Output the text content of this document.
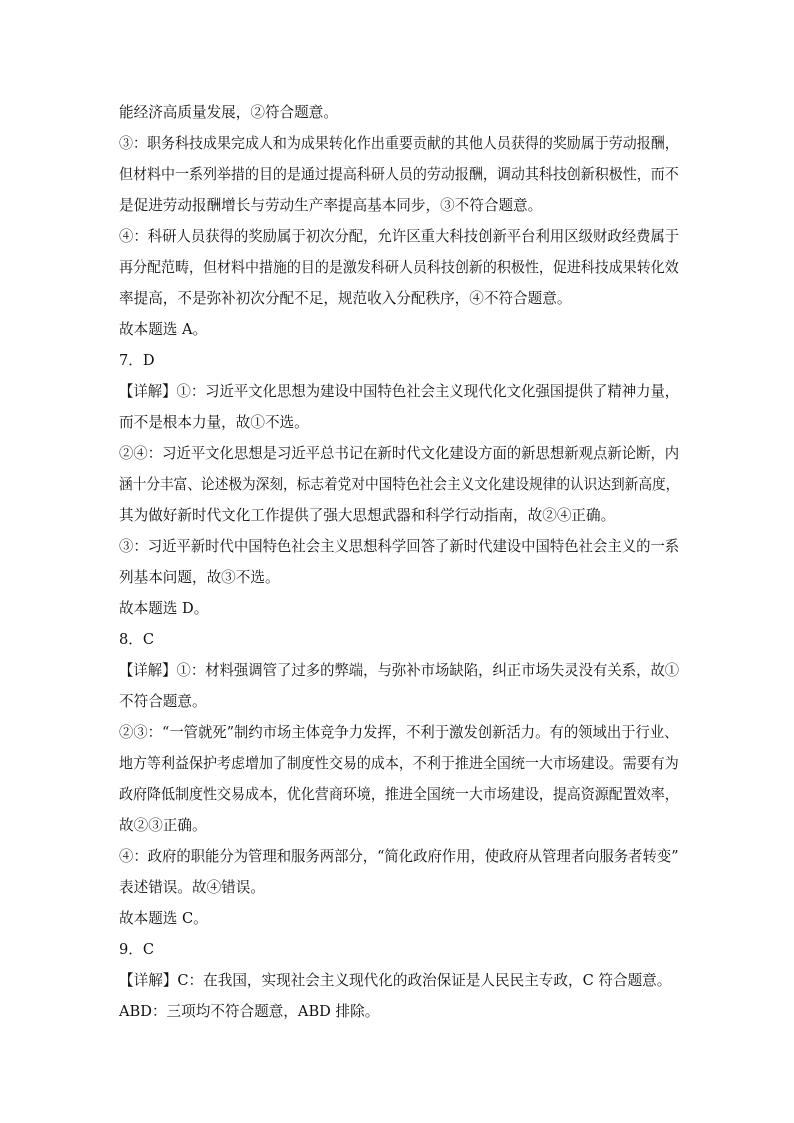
能经济高质量发展，②符合题意。
③：职务科技成果完成人和为成果转化作出重要贡献的其他人员获得的奖励属于劳动报酬，
但材料中一系列举措的目的是通过提高科研人员的劳动报酬，调动其科技创新积极性，而不
是促进劳动报酬增长与劳动生产率提高基本同步，③不符合题意。
④：科研人员获得的奖励属于初次分配，允许区重大科技创新平台利用区级财政经费属于
再分配范畴，但材料中措施的目的是激发科研人员科技创新的积极性，促进科技成果转化效
率提高，不是弥补初次分配不足，规范收入分配秩序，④不符合题意。
故本题选 A。
7．D
【详解】①：习近平文化思想为建设中国特色社会主义现代化文化强国提供了精神力量，
而不是根本力量，故①不选。
②④：习近平文化思想是习近平总书记在新时代文化建设方面的新思想新观点新论断，内
涵十分丰富、论述极为深刻，标志着党对中国特色社会主义文化建设规律的认识达到新高度，
其为做好新时代文化工作提供了强大思想武器和科学行动指南，故②④正确。
③：习近平新时代中国特色社会主义思想科学回答了新时代建设中国特色社会主义的一系
列基本问题，故③不选。
故本题选 D。
8．C
【详解】①：材料强调管了过多的弊端，与弥补市场缺陷，纠正市场失灵没有关系，故①
不符合题意。
②③：“一管就死”制约市场主体竞争力发挥，不利于激发创新活力。有的领域出于行业、
地方等利益保护考虑增加了制度性交易的成本，不利于推进全国统一大市场建设。需要有为
政府降低制度性交易成本，优化营商环境，推进全国统一大市场建设，提高资源配置效率，
故②③正确。
④：政府的职能分为管理和服务两部分，“简化政府作用，使政府从管理者向服务者转变”
表述错误。故④错误。
故本题选 C。
9．C
【详解】C：在我国，实现社会主义现代化的政治保证是人民民主专政，C 符合题意。
ABD：三项均不符合题意，ABD 排除。
